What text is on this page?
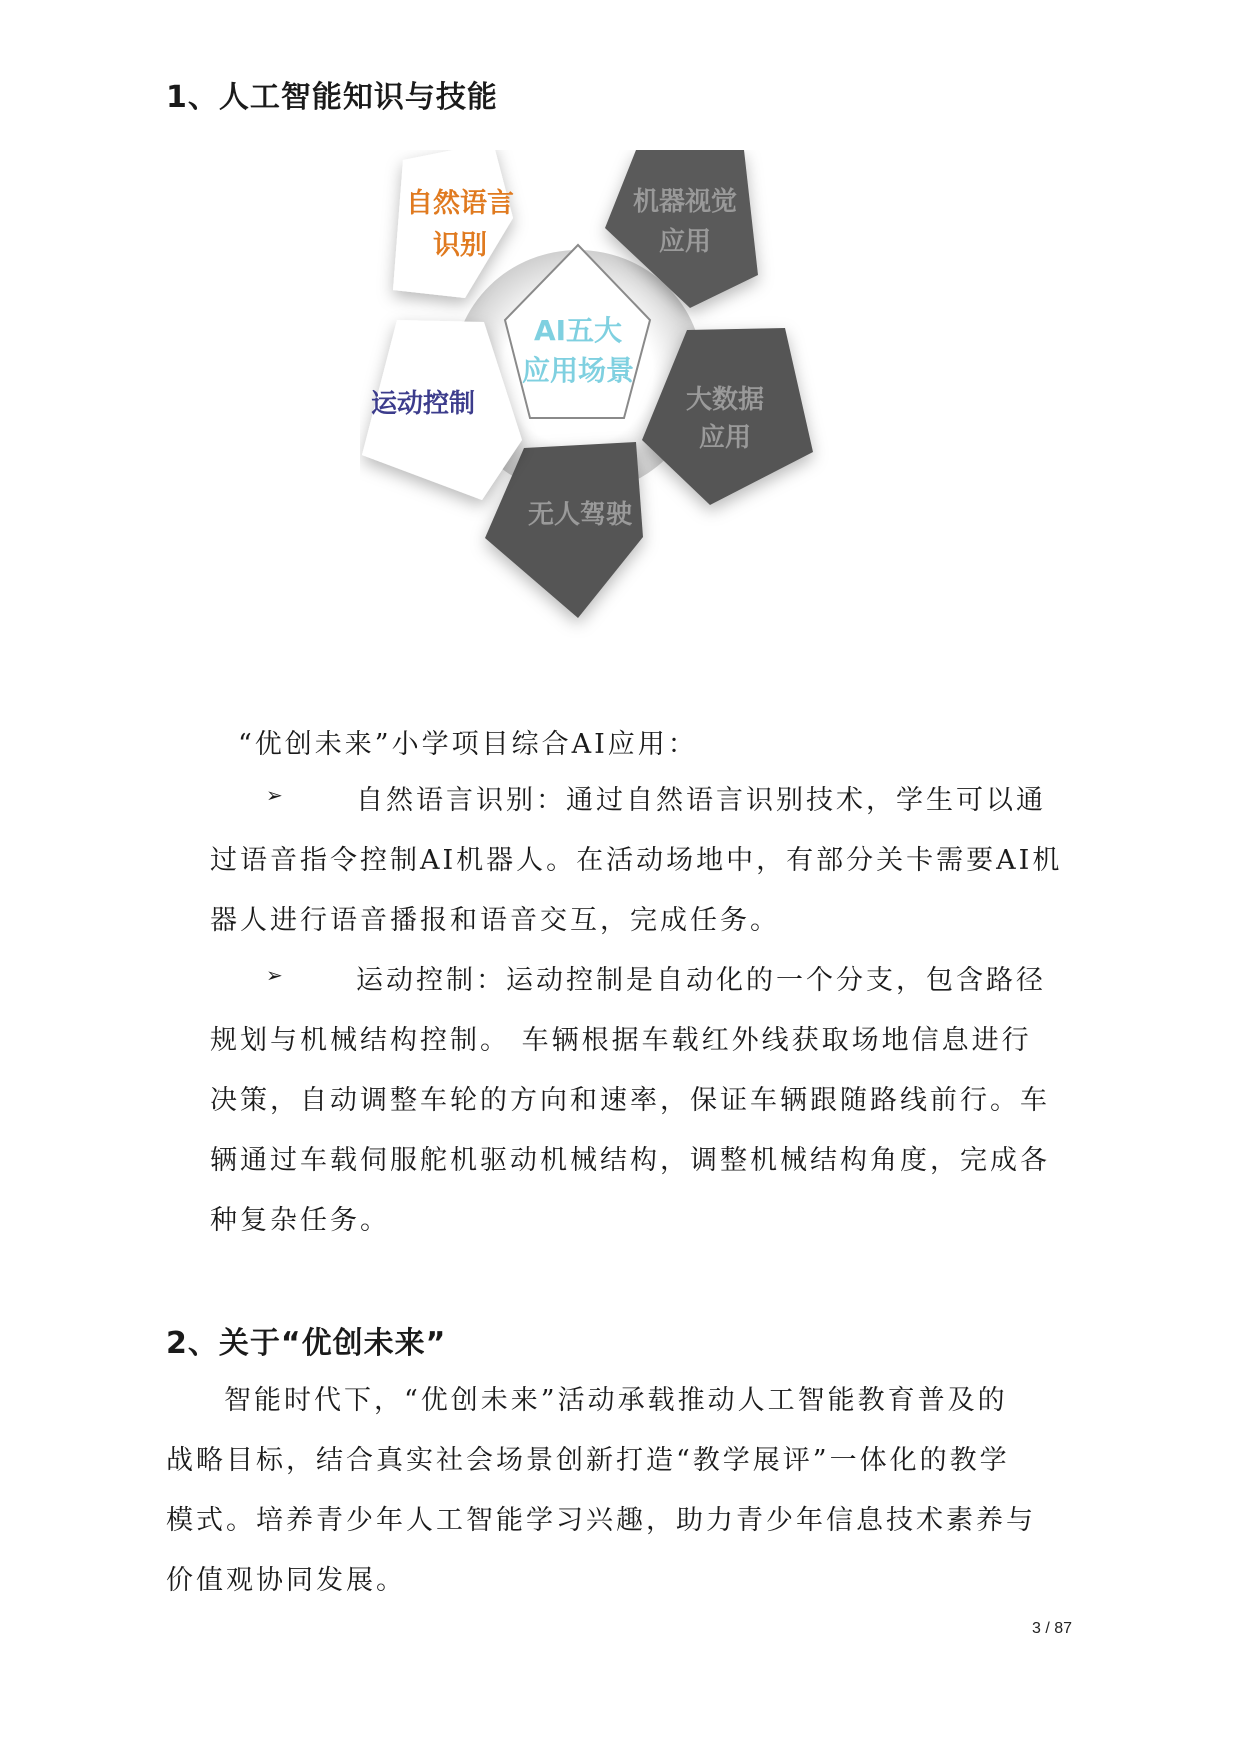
1、人工智能知识与技能
AI五大
应用场景
自然语言
识别
机器视觉
应用
大数据
应用
无人驾驶
运动控制
“优创未来”小学项目综合AI应用：
➢	自然语言识别：通过自然语言识别技术，学生可以通
过语音指令控制AI机器人。在活动场地中，有部分关卡需要AI机
器人进行语音播报和语音交互，完成任务。
➢	运动控制：运动控制是自动化的一个分支，包含路径
规划与机械结构控制。 车辆根据车载红外线获取场地信息进行
决策，自动调整车轮的方向和速率，保证车辆跟随路线前行。车
辆通过车载伺服舵机驱动机械结构，调整机械结构角度，完成各
种复杂任务。
2、关于“优创未来”
智能时代下，“优创未来”活动承载推动人工智能教育普及的
战略目标，结合真实社会场景创新打造“教学展评”一体化的教学
模式。培养青少年人工智能学习兴趣，助力青少年信息技术素养与
价值观协同发展。
3 / 87
